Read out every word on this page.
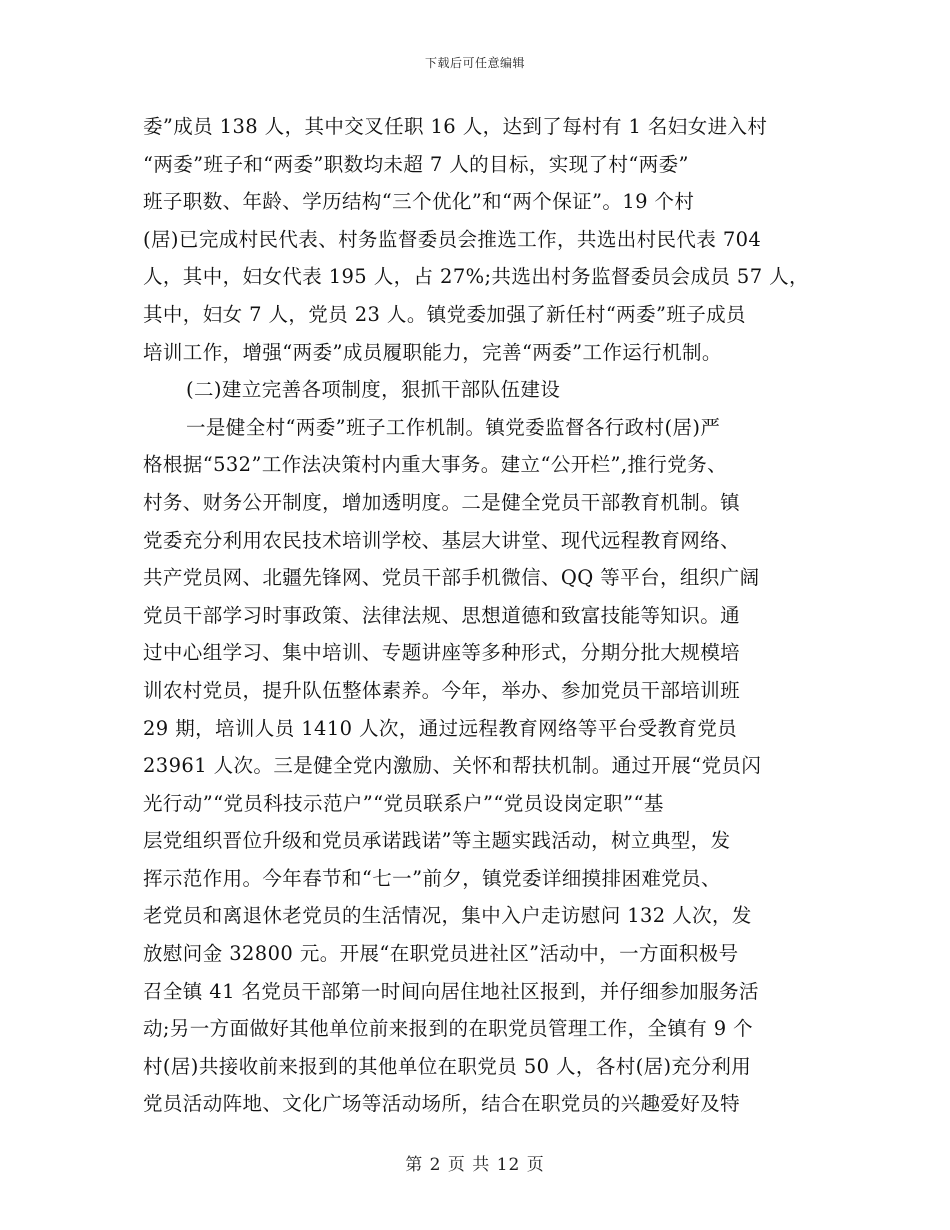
下载后可任意编辑
委”成员 138 人，其中交叉任职 16 人，达到了每村有 1 名妇女进入村
“两委”班子和“两委”职数均未超 7 人的目标，实现了村“两委”
班子职数、年龄、学历结构“三个优化”和“两个保证”。19 个村
(居)已完成村民代表、村务监督委员会推选工作，共选出村民代表 704
人，其中，妇女代表 195 人，占 27%;共选出村务监督委员会成员 57 人，
其中，妇女 7 人，党员 23 人。镇党委加强了新任村“两委”班子成员
培训工作，增强“两委”成员履职能力，完善“两委”工作运行机制。
(二)建立完善各项制度，狠抓干部队伍建设
一是健全村“两委”班子工作机制。镇党委监督各行政村(居)严
格根据“532”工作法决策村内重大事务。建立“公开栏”,推行党务、
村务、财务公开制度，增加透明度。二是健全党员干部教育机制。镇
党委充分利用农民技术培训学校、基层大讲堂、现代远程教育网络、
共产党员网、北疆先锋网、党员干部手机微信、QQ 等平台，组织广阔
党员干部学习时事政策、法律法规、思想道德和致富技能等知识。通
过中心组学习、集中培训、专题讲座等多种形式，分期分批大规模培
训农村党员，提升队伍整体素养。今年，举办、参加党员干部培训班
29 期，培训人员 1410 人次，通过远程教育网络等平台受教育党员
23961 人次。三是健全党内激励、关怀和帮扶机制。通过开展“党员闪
光行动”“党员科技示范户”“党员联系户”“党员设岗定职”“基
层党组织晋位升级和党员承诺践诺”等主题实践活动，树立典型，发
挥示范作用。今年春节和“七一”前夕，镇党委详细摸排困难党员、
老党员和离退休老党员的生活情况，集中入户走访慰问 132 人次，发
放慰问金 32800 元。开展“在职党员进社区”活动中，一方面积极号
召全镇 41 名党员干部第一时间向居住地社区报到，并仔细参加服务活
动;另一方面做好其他单位前来报到的在职党员管理工作，全镇有 9 个
村(居)共接收前来报到的其他单位在职党员 50 人，各村(居)充分利用
党员活动阵地、文化广场等活动场所，结合在职党员的兴趣爱好及特
第 2 页 共 12 页
